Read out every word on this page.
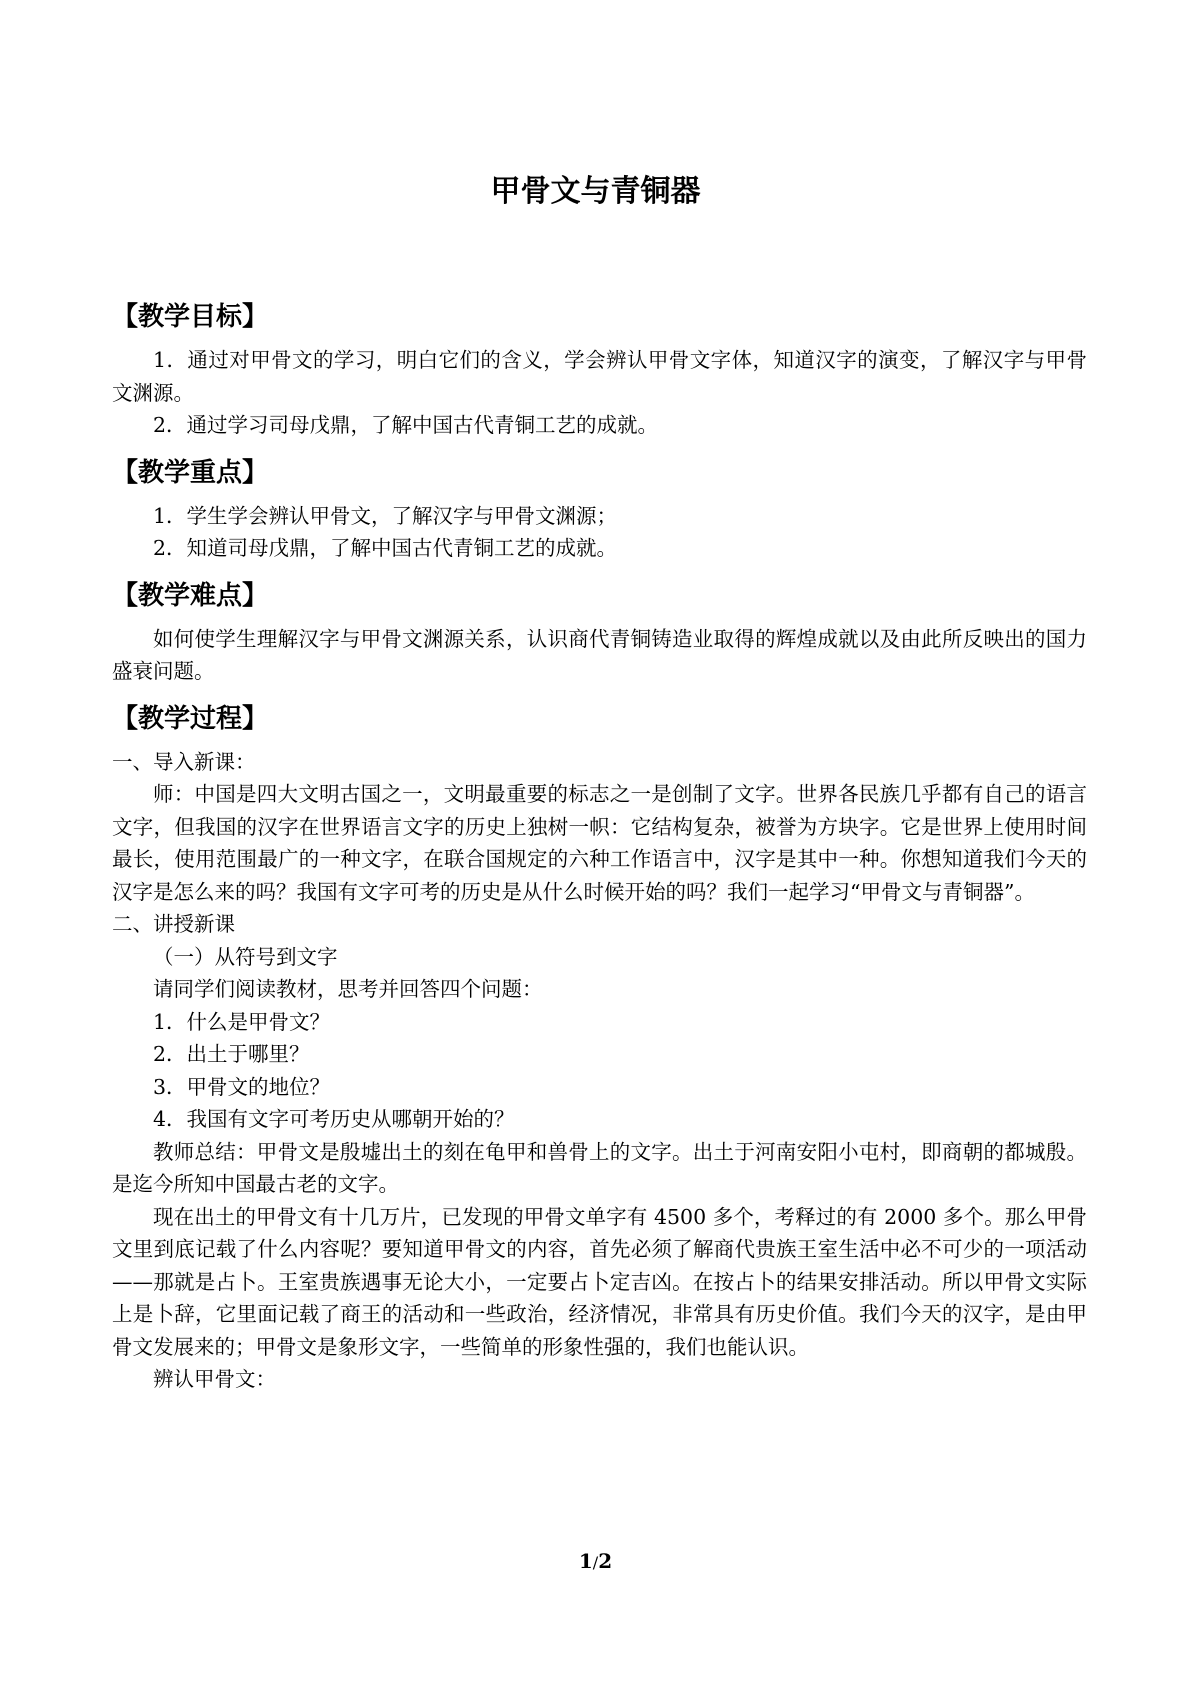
甲骨文与青铜器
【教学目标】

1．通过对甲骨文的学习，明白它们的含义，学会辨认甲骨文字体，知道汉字的演变，了解汉字与甲骨文渊源。

2．通过学习司母戊鼎，了解中国古代青铜工艺的成就。

【教学重点】

1．学生学会辨认甲骨文，了解汉字与甲骨文渊源；

2．知道司母戊鼎，了解中国古代青铜工艺的成就。

【教学难点】

如何使学生理解汉字与甲骨文渊源关系，认识商代青铜铸造业取得的辉煌成就以及由此所反映出的国力盛衰问题。

【教学过程】

一、导入新课：

师：中国是四大文明古国之一，文明最重要的标志之一是创制了文字。世界各民族几乎都有自己的语言文字，但我国的汉字在世界语言文字的历史上独树一帜：它结构复杂，被誉为方块字。它是世界上使用时间最长，使用范围最广的一种文字，在联合国规定的六种工作语言中，汉字是其中一种。你想知道我们今天的汉字是怎么来的吗？我国有文字可考的历史是从什么时候开始的吗？我们一起学习“甲骨文与青铜器”。

二、讲授新课

（一）从符号到文字

请同学们阅读教材，思考并回答四个问题：

1．什么是甲骨文？

2．出土于哪里？

3．甲骨文的地位？

4．我国有文字可考历史从哪朝开始的？

教师总结：甲骨文是殷墟出土的刻在龟甲和兽骨上的文字。出土于河南安阳小屯村，即商朝的都城殷。是迄今所知中国最古老的文字。

现在出土的甲骨文有十几万片，已发现的甲骨文单字有 4500 多个，考释过的有 2000 多个。那么甲骨文里到底记载了什么内容呢？要知道甲骨文的内容，首先必须了解商代贵族王室生活中必不可少的一项活动——那就是占卜。王室贵族遇事无论大小，一定要占卜定吉凶。在按占卜的结果安排活动。所以甲骨文实际上是卜辞，它里面记载了商王的活动和一些政治，经济情况，非常具有历史价值。我们今天的汉字，是由甲骨文发展来的；甲骨文是象形文字，一些简单的形象性强的，我们也能认识。

辨认甲骨文：

1/2
